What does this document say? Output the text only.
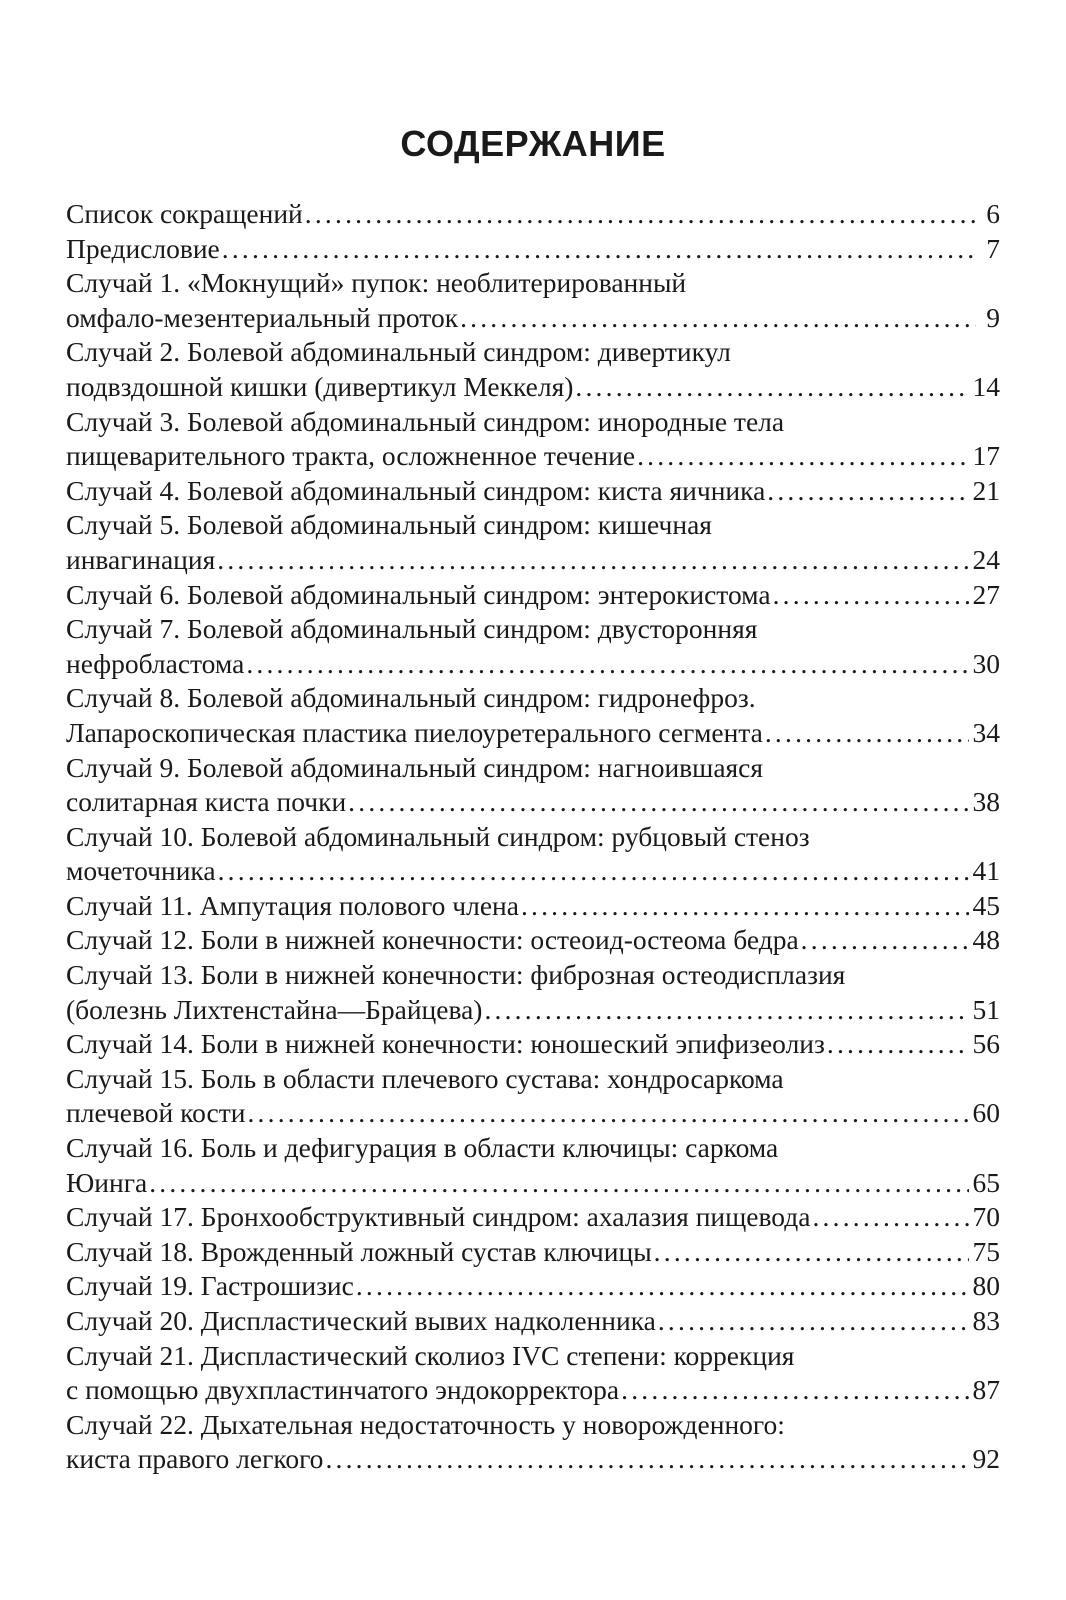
СОДЕРЖАНИЕ
Список сокращений .....	6
Предисловие .....	7
Случай 1. «Мокнущий» пупок: необлитерированный
омфало-мезентериальный проток .....	9
Случай 2. Болевой абдоминальный синдром: дивертикул
подвздошной кишки (дивертикул Меккеля) .....	14
Случай 3. Болевой абдоминальный синдром: инородные тела
пищеварительного тракта, осложненное течение .....	17
Случай 4. Болевой абдоминальный синдром: киста яичника .....	21
Случай 5. Болевой абдоминальный синдром: кишечная
инвагинация .....	24
Случай 6. Болевой абдоминальный синдром: энтерокистома .....	27
Случай 7. Болевой абдоминальный синдром: двусторонняя
нефробластома .....	30
Случай 8. Болевой абдоминальный синдром: гидронефроз.
Лапароскопическая пластика пиелоуретерального сегмента .....	34
Случай 9. Болевой абдоминальный синдром: нагноившаяся
солитарная киста почки .....	38
Случай 10. Болевой абдоминальный синдром: рубцовый стеноз
мочеточника .....	41
Случай 11. Ампутация полового члена .....	45
Случай 12. Боли в нижней конечности: остеоид-остеома бедра .....	48
Случай 13. Боли в нижней конечности: фиброзная остеодисплазия
(болезнь Лихтенстайна—Брайцева) .....	51
Случай 14. Боли в нижней конечности: юношеский эпифизеолиз .....	56
Случай 15. Боль в области плечевого сустава: хондросаркома
плечевой кости .....	60
Случай 16. Боль и дефигурация в области ключицы: саркома
Юинга .....	65
Случай 17. Бронхообструктивный синдром: ахалазия пищевода .....	70
Случай 18. Врожденный ложный сустав ключицы .....	75
Случай 19. Гастрошизис .....	80
Случай 20. Диспластический вывих надколенника .....	83
Случай 21. Диспластический сколиоз IVC степени: коррекция
с помощью двухпластинчатого эндокорректора .....	87
Случай 22. Дыхательная недостаточность у новорожденного:
киста правого легкого .....	92
